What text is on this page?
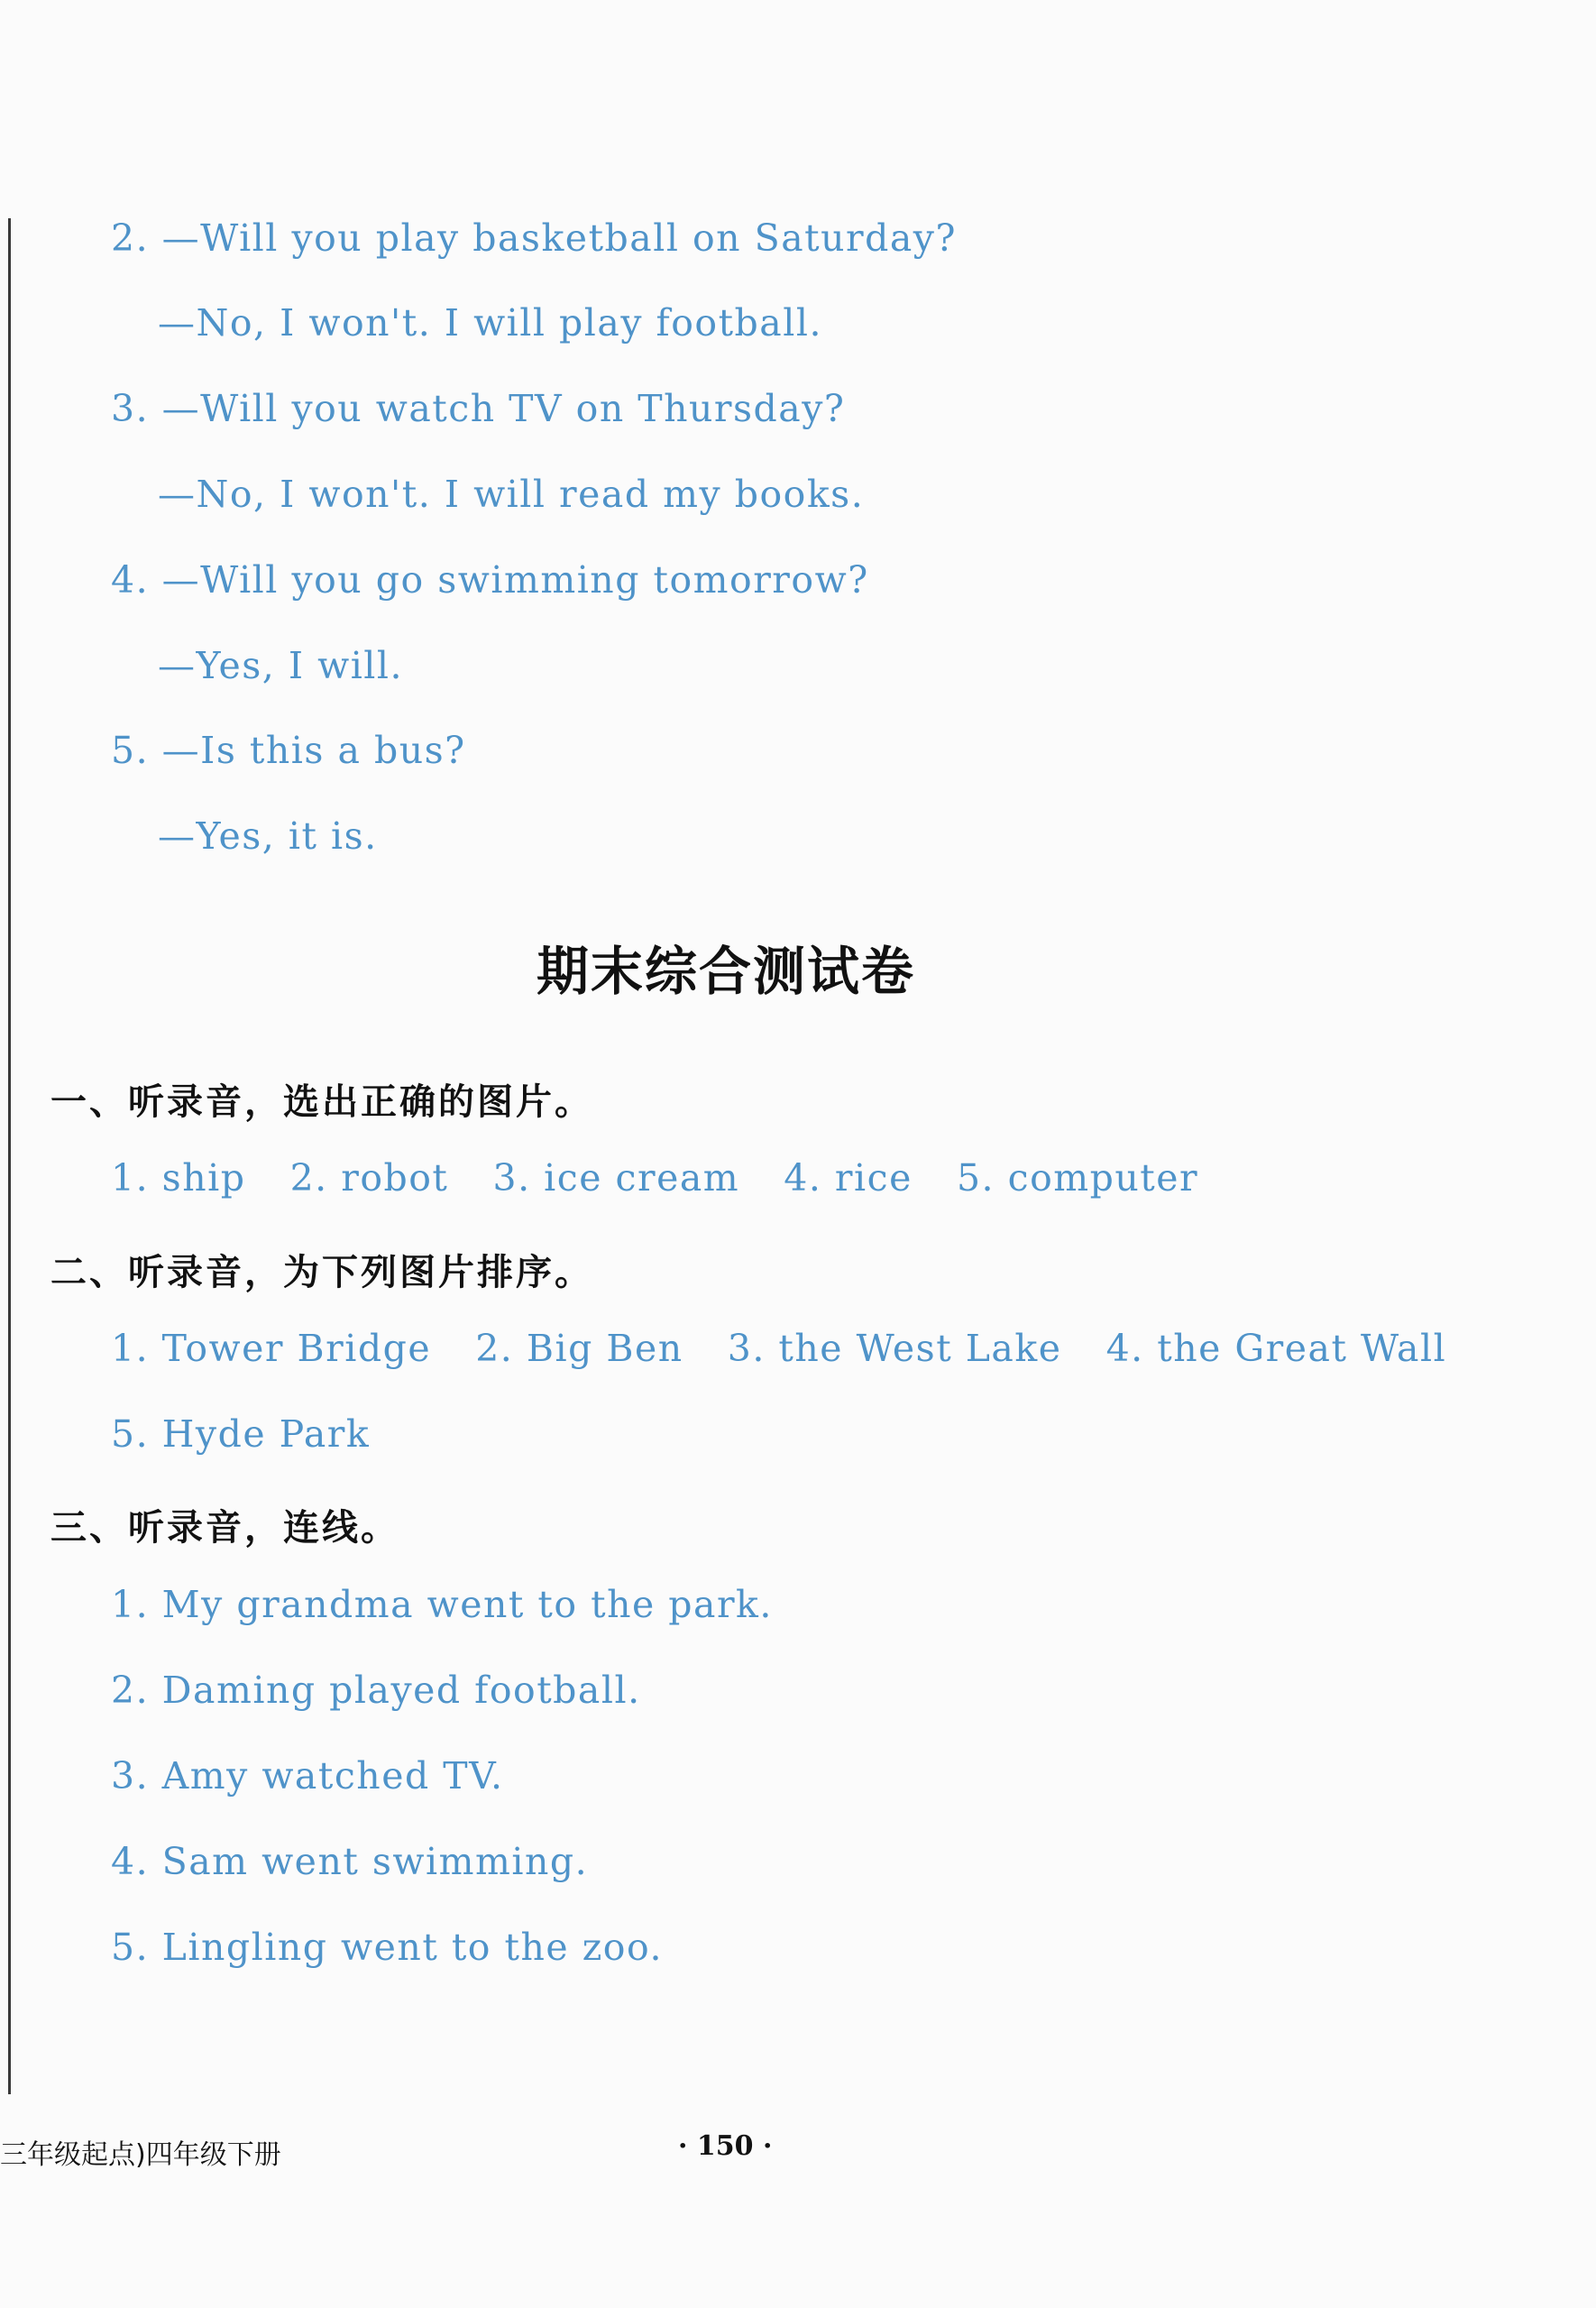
2. —Will you play basketball on Saturday?
—No, I won't. I will play football.
3. —Will you watch TV on Thursday?
—No, I won't. I will read my books.
4. —Will you go swimming tomorrow?
—Yes, I will.
5. —Is this a bus?
—Yes, it is.
期末综合测试卷
一、听录音，选出正确的图片。
1. ship 2. robot 3. ice cream 4. rice 5. computer
二、听录音，为下列图片排序。
1. Tower Bridge 2. Big Ben 3. the West Lake 4. the Great Wall
5. Hyde Park
三、听录音，连线。
1. My grandma went to the park.
2. Daming played football.
3. Amy watched TV.
4. Sam went swimming.
5. Lingling went to the zoo.
三年级起点)四年级下册	· 150 ·
